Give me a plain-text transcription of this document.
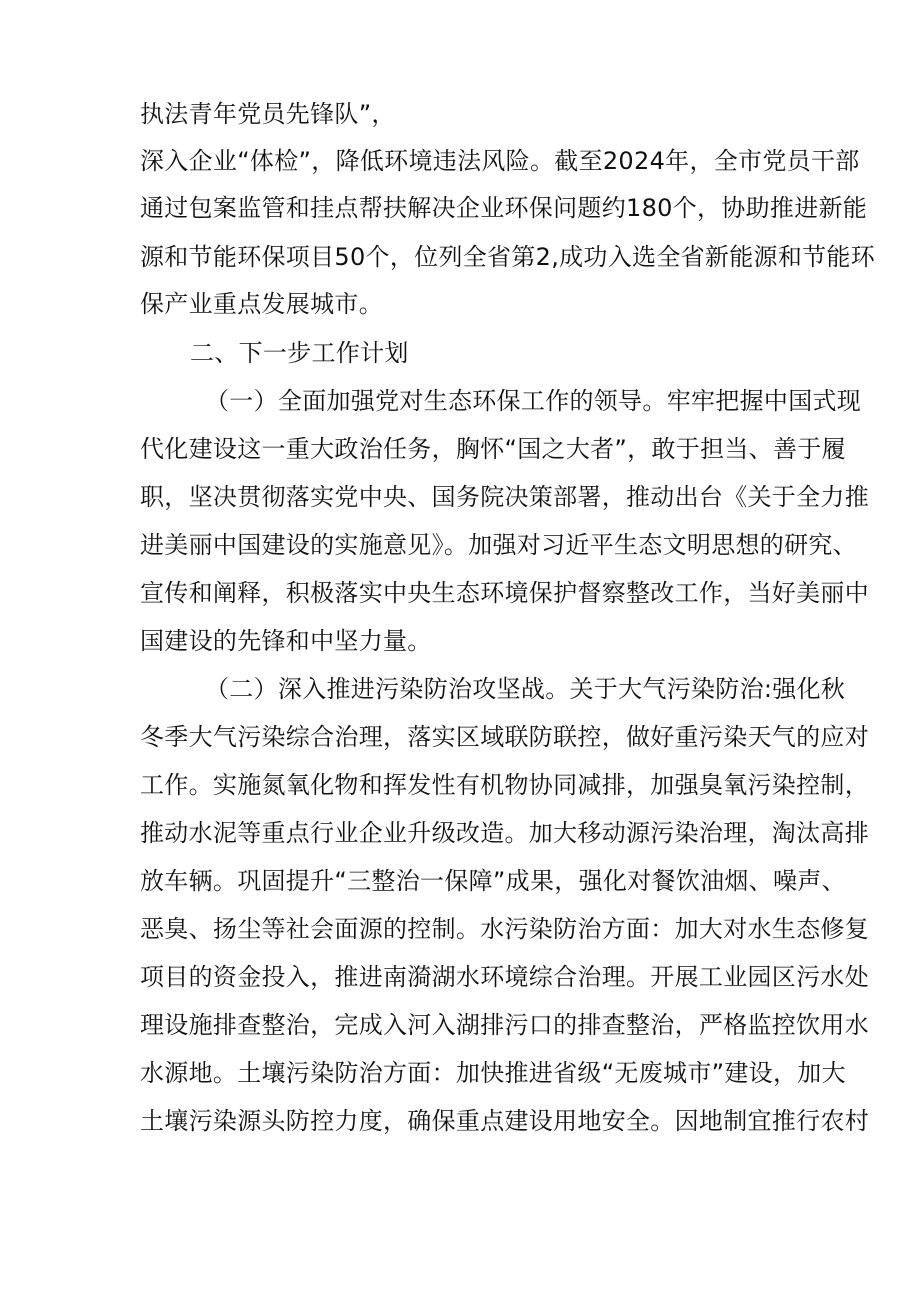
执法青年党员先锋队”，
深入企业“体检”，降低环境违法风险。截至2024年，全市党员干部
通过包案监管和挂点帮扶解决企业环保问题约180个，协助推进新能
源和节能环保项目50个，位列全省第2,成功入选全省新能源和节能环
保产业重点发展城市。
二、下一步工作计划
（一）全面加强党对生态环保工作的领导。牢牢把握中国式现
代化建设这一重大政治任务，胸怀“国之大者”，敢于担当、善于履
职，坚决贯彻落实党中央、国务院决策部署，推动出台《关于全力推
进美丽中国建设的实施意见》。加强对习近平生态文明思想的研究、
宣传和阐释，积极落实中央生态环境保护督察整改工作，当好美丽中
国建设的先锋和中坚力量。
（二）深入推进污染防治攻坚战。关于大气污染防治:强化秋
冬季大气污染综合治理，落实区域联防联控，做好重污染天气的应对
工作。实施氮氧化物和挥发性有机物协同减排，加强臭氧污染控制，
推动水泥等重点行业企业升级改造。加大移动源污染治理，淘汰高排
放车辆。巩固提升“三整治一保障”成果，强化对餐饮油烟、噪声、
恶臭、扬尘等社会面源的控制。水污染防治方面：加大对水生态修复
项目的资金投入，推进南漪湖水环境综合治理。开展工业园区污水处
理设施排查整治，完成入河入湖排污口的排查整治，严格监控饮用水
水源地。土壤污染防治方面：加快推进省级“无废城市”建设，加大
土壤污染源头防控力度，确保重点建设用地安全。因地制宜推行农村
